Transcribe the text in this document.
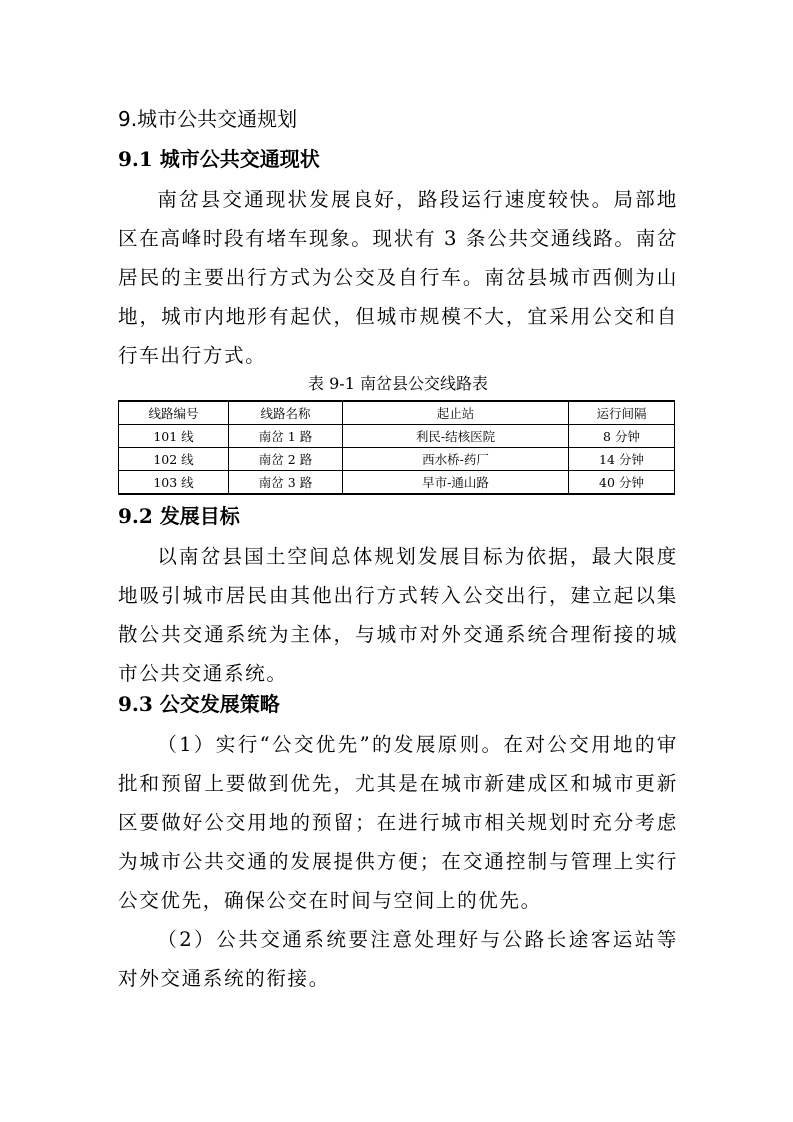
9.城市公共交通规划
9.1 城市公共交通现状

南岔县交通现状发展良好，路段运行速度较快。局部地区在高峰时段有堵车现象。现状有 3 条公共交通线路。南岔居民的主要出行方式为公交及自行车。南岔县城市西侧为山地，城市内地形有起伏，但城市规模不大，宜采用公交和自行车出行方式。

表 9-1 南岔县公交线路表
线路编号	线路名称	起止站	运行间隔
101 线	南岔 1 路	利民-结核医院	8 分钟
102 线	南岔 2 路	西水桥-药厂	14 分钟
103 线	南岔 3 路	早市-通山路	40 分钟
9.2 发展目标

以南岔县国土空间总体规划发展目标为依据，最大限度地吸引城市居民由其他出行方式转入公交出行，建立起以集散公共交通系统为主体，与城市对外交通系统合理衔接的城市公共交通系统。

9.3 公交发展策略

（1）实行“公交优先”的发展原则。在对公交用地的审批和预留上要做到优先，尤其是在城市新建成区和城市更新区要做好公交用地的预留；在进行城市相关规划时充分考虑为城市公共交通的发展提供方便；在交通控制与管理上实行公交优先，确保公交在时间与空间上的优先。

（2）公共交通系统要注意处理好与公路长途客运站等对外交通系统的衔接。
